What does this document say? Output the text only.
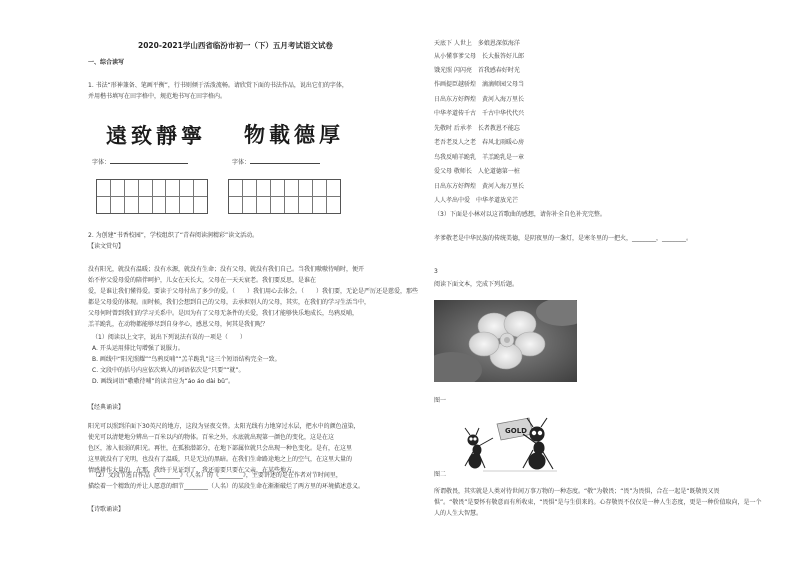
2020-2021学山西省临汾市初一（下）五月考试语文试卷
一、综合读写
1. 书法“形神兼备、笔画平衡”，行书则倾于活泼流畅。请欣赏下面的书法作品，说出它们的字体，
并用楷书填写在田字格中，规范地书写在田字格内。
遠致靜寧	物載德厚
字体：	字体：
2. 为创建“书香校园”，学校组织了“青春阅读润精彩”读文活动。
【读文赏句】
没有阳光，就没有温暖；没有水源，就没有生命；没有父母，就没有我们自己。当我们嗷嗷待哺时，便开
始不停父爱母爱的陪伴呵护，儿女在天长大，父母在一天天衰老。我们要反思，是谁在
爱，是谁让我们懂得爱。要读于父母付出了多少的爱。（　　）我们用心去体会。（　　）我们要，无论是严厉还是慈爱，那些
都是父母爱的体现。而时候，我们会想到自己的父母，去承担别人的父母，其实，在我们的学习生活当中，
父母何时曾到我们的学习关系中。是因为有了父母无条件的关爱，我们才能够快乐地成长，鸟鸦反哺，
羔羊跪乳，在动物都能够尽到自身孝心，感恩父母，何其是我们呢？
（1）阅读以上文字，说出下列说法有误的一项是（　　）
A. 开头运用排比句增强了说服力。
B. 画线中“阳光照耀”“鸟鸦反哺”“羔羊跪乳”这三个短语结构完全一致。
C. 文段中的括号内应依次填入的词语依次是“只要”“就”。
D. 画线词语“嗷嗷待哺”的读音应为“áo áo dài bǔ”。
【经典诵读】
阳光可以照到洋面下30英尺的地方，这段为昼夜交替。太阳光线有力地穿过水层，把水中的颜色渲染，
使光可以清楚地分辨出一百米以内的物体。百米之外，水底就出现第一颜色的变化，这是在这
色区，渗入很弱的阳光。再往，在孤独潜部分，在地下部属位就只会出现一种色变化。是有，在这里
这里就没有了光明，也没有了温暖，只是无边的黑暗。在我们生命路途地之上的空气，在这里大量的
情感耕作大量的，在那，我终于见证到了，我还需要只要在父亲，在某些地方。
（2）文段节选自作品《________》（人名）的《________》，主要讲述的是在作者对节时间里，
描绘着一个精致的并让人愿意的细节________（人名）的某段生命在渐渐破烂了两方里的环境描述意义。
【诗歌诵读】
天底下 人世上　多娘恩深似海洋
从小懂事爹父母　长大报答好儿郎
饿光照 闪闪亮　首我感春好时光
作画提臣越骄煌　滴滴师园父母当
日出东方好辉煌　黄河入海万里长
中华孝道传千古　千古中华代代兴
先敬时 后承孝　长者教恩不能忘
老吾老及人之老　春风北雨暖心房
鸟我反哺羊跪乳　羊羔跪乳是一章
爱父母 敬师长　人伦道德第一桩
日出东方好辉煌　黄河入海万里长
人人孝出中爱　中华孝道放光芒
（3）下面是小林对以这首歌曲的感想，请你补全自色补充完整。
孝爹敬老是中华民族的传统美德，是阴夜里的一盏灯，是寒冬里的一把火，________，________。
3
阅读下面文本，完成下列后题。
图一
GOLD
图二
所谓敬畏，其实就是人类对待世间万事万物的一种态度。“敬”为敬畏；“畏”为畏惧，合在一起是“既敬畏又畏
惧”。“敬畏”是要怀有敬意而有所收束，“畏惧”是与生俱来的。心存敬畏不仅仅是一种人生态度，更是一种价值取向，是一个
人的人生大智慧。
